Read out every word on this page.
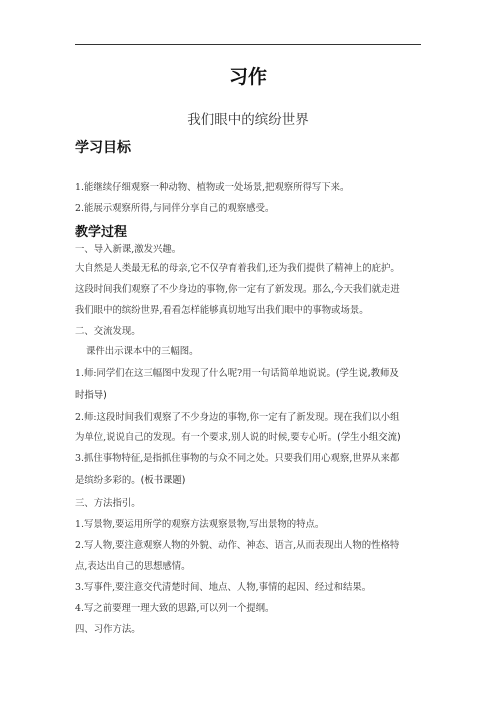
习作
我们眼中的缤纷世界
学习目标
1.能继续仔细观察一种动物、植物或一处场景,把观察所得写下来。
2.能展示观察所得,与同伴分享自己的观察感受。
教学过程
一、导入新课,激发兴趣。
大自然是人类最无私的母亲,它不仅孕育着我们,还为我们提供了精神上的庇护。
这段时间我们观察了不少身边的事物,你一定有了新发现。那么,今天我们就走进
我们眼中的缤纷世界,看看怎样能够真切地写出我们眼中的事物或场景。
二、交流发现。
课件出示课本中的三幅图。
1.师:同学们在这三幅图中发现了什么呢?用一句话简单地说说。(学生说,教师及
时指导)
2.师:这段时间我们观察了不少身边的事物,你一定有了新发现。现在我们以小组
为单位,说说自己的发现。有一个要求,别人说的时候,要专心听。(学生小组交流)
3.抓住事物特征,是指抓住事物的与众不同之处。只要我们用心观察,世界从来都
是缤纷多彩的。(板书课题)
三、方法指引。
1.写景物,要运用所学的观察方法观察景物,写出景物的特点。
2.写人物,要注意观察人物的外貌、动作、神态、语言,从而表现出人物的性格特
点,表达出自己的思想感情。
3.写事件,要注意交代清楚时间、地点、人物,事情的起因、经过和结果。
4.写之前要理一理大致的思路,可以列一个提纲。
四、习作方法。
